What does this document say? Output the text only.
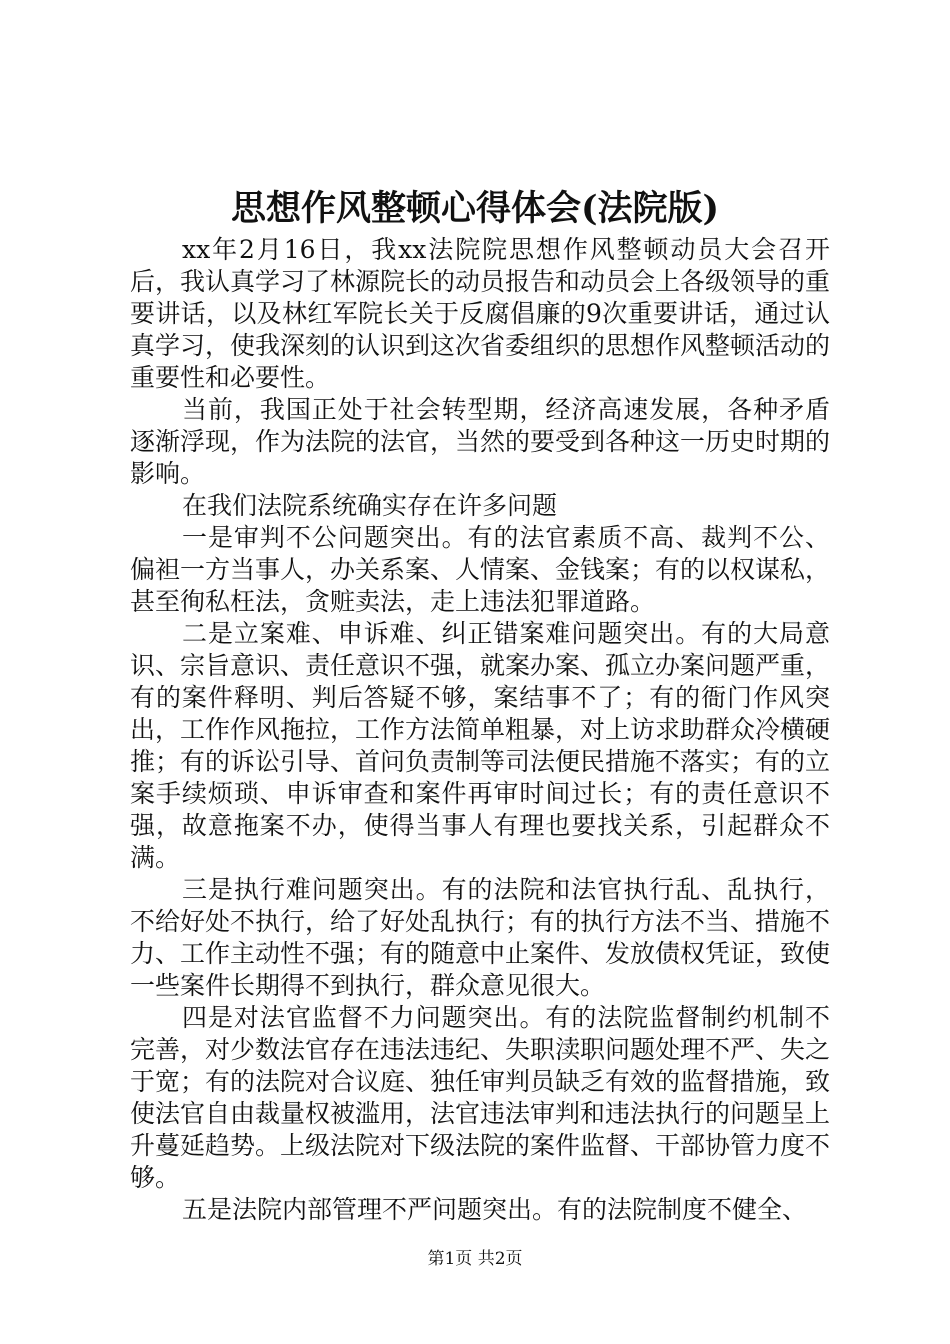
思想作风整顿心得体会(法院版)

xx年2月16日，我xx法院院思想作风整顿动员大会召开后，我认真学习了林源院长的动员报告和动员会上各级领导的重要讲话，以及林红军院长关于反腐倡廉的9次重要讲话，通过认真学习，使我深刻的认识到这次省委组织的思想作风整顿活动的重要性和必要性。

当前，我国正处于社会转型期，经济高速发展，各种矛盾逐渐浮现，作为法院的法官，当然的要受到各种这一历史时期的影响。

在我们法院系统确实存在许多问题

一是审判不公问题突出。有的法官素质不高、裁判不公、偏袒一方当事人，办关系案、人情案、金钱案；有的以权谋私，甚至徇私枉法，贪赃卖法，走上违法犯罪道路。

二是立案难、申诉难、纠正错案难问题突出。有的大局意识、宗旨意识、责任意识不强，就案办案、孤立办案问题严重，有的案件释明、判后答疑不够，案结事不了；有的衙门作风突出，工作作风拖拉，工作方法简单粗暴，对上访求助群众冷横硬推；有的诉讼引导、首问负责制等司法便民措施不落实；有的立案手续烦琐、申诉审查和案件再审时间过长；有的责任意识不强，故意拖案不办，使得当事人有理也要找关系，引起群众不满。

三是执行难问题突出。有的法院和法官执行乱、乱执行，不给好处不执行，给了好处乱执行；有的执行方法不当、措施不力、工作主动性不强；有的随意中止案件、发放债权凭证，致使一些案件长期得不到执行，群众意见很大。

四是对法官监督不力问题突出。有的法院监督制约机制不完善，对少数法官存在违法违纪、失职渎职问题处理不严、失之于宽；有的法院对合议庭、独任审判员缺乏有效的监督措施，致使法官自由裁量权被滥用，法官违法审判和违法执行的问题呈上升蔓延趋势。上级法院对下级法院的案件监督、干部协管力度不够。

五是法院内部管理不严问题突出。有的法院制度不健全、

第1页 共2页
